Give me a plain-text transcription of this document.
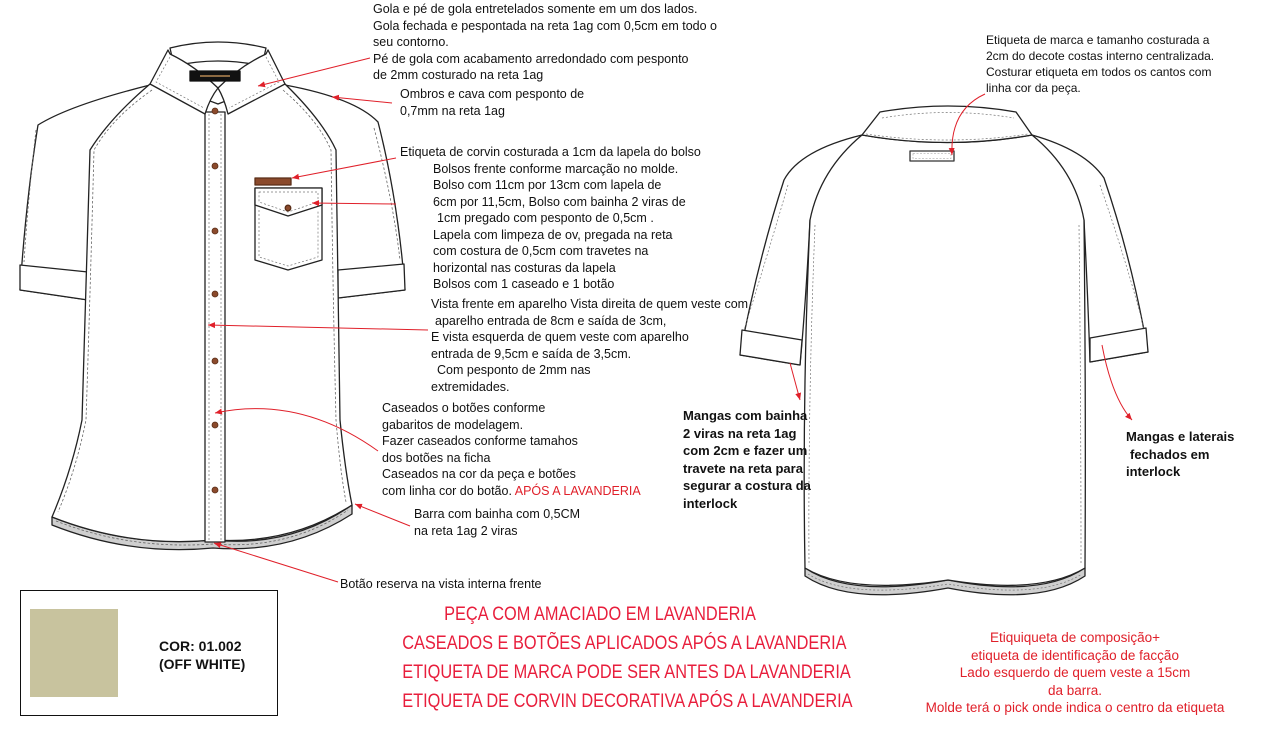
Gola e pé de gola entretelados somente em um dos lados.
Gola fechada e pespontada na reta 1ag com 0,5cm em todo o
seu contorno.
Pé de gola com acabamento arredondado com pesponto
de 2mm costurado na reta 1ag
Ombros e cava com pesponto de
0,7mm na reta 1ag
Etiqueta de corvin costurada a 1cm da lapela do bolso
Bolsos frente conforme marcação no molde.
Bolso com 11cm por 13cm com lapela de
6cm por 11,5cm, Bolso com bainha 2 viras de
1cm pregado com pesponto de 0,5cm .
Lapela com limpeza de ov, pregada na reta
com costura de 0,5cm com travetes na
horizontal nas costuras da lapela
Bolsos com 1 caseado e 1 botão
Vista frente em aparelho Vista direita de quem veste com
aparelho entrada de 8cm e saída de 3cm,
E vista esquerda de quem veste com aparelho
entrada de 9,5cm e saída de 3,5cm.
Com pesponto de 2mm nas
extremidades.
Caseados o botões conforme
gabaritos de modelagem.
Fazer caseados conforme tamahos
dos botões na ficha
Caseados na cor da peça e botões
com linha cor do botão. APÓS A LAVANDERIA
Barra com bainha com 0,5CM
na reta 1ag 2 viras
Botão reserva na vista interna frente
Etiqueta de marca e tamanho costurada a
2cm do decote costas interno centralizada.
Costurar etiqueta em todos os cantos com
linha cor da peça.
Mangas com bainha
2 viras na reta 1ag
com 2cm e fazer um
travete na reta para
segurar a costura da
interlock
Mangas e laterais
fechados em
interlock
PEÇA COM AMACIADO EM LAVANDERIA
CASEADOS E BOTÕES APLICADOS APÓS A LAVANDERIA
ETIQUETA DE MARCA PODE SER ANTES DA LAVANDERIA
ETIQUETA DE CORVIN DECORATIVA APÓS A LAVANDERIA
Etiquiqueta de composição+
etiqueta de identificação de facção
Lado esquerdo de quem veste a 15cm
da barra.
Molde terá o pick onde indica o centro da etiqueta
COR: 01.002
(OFF WHITE)
